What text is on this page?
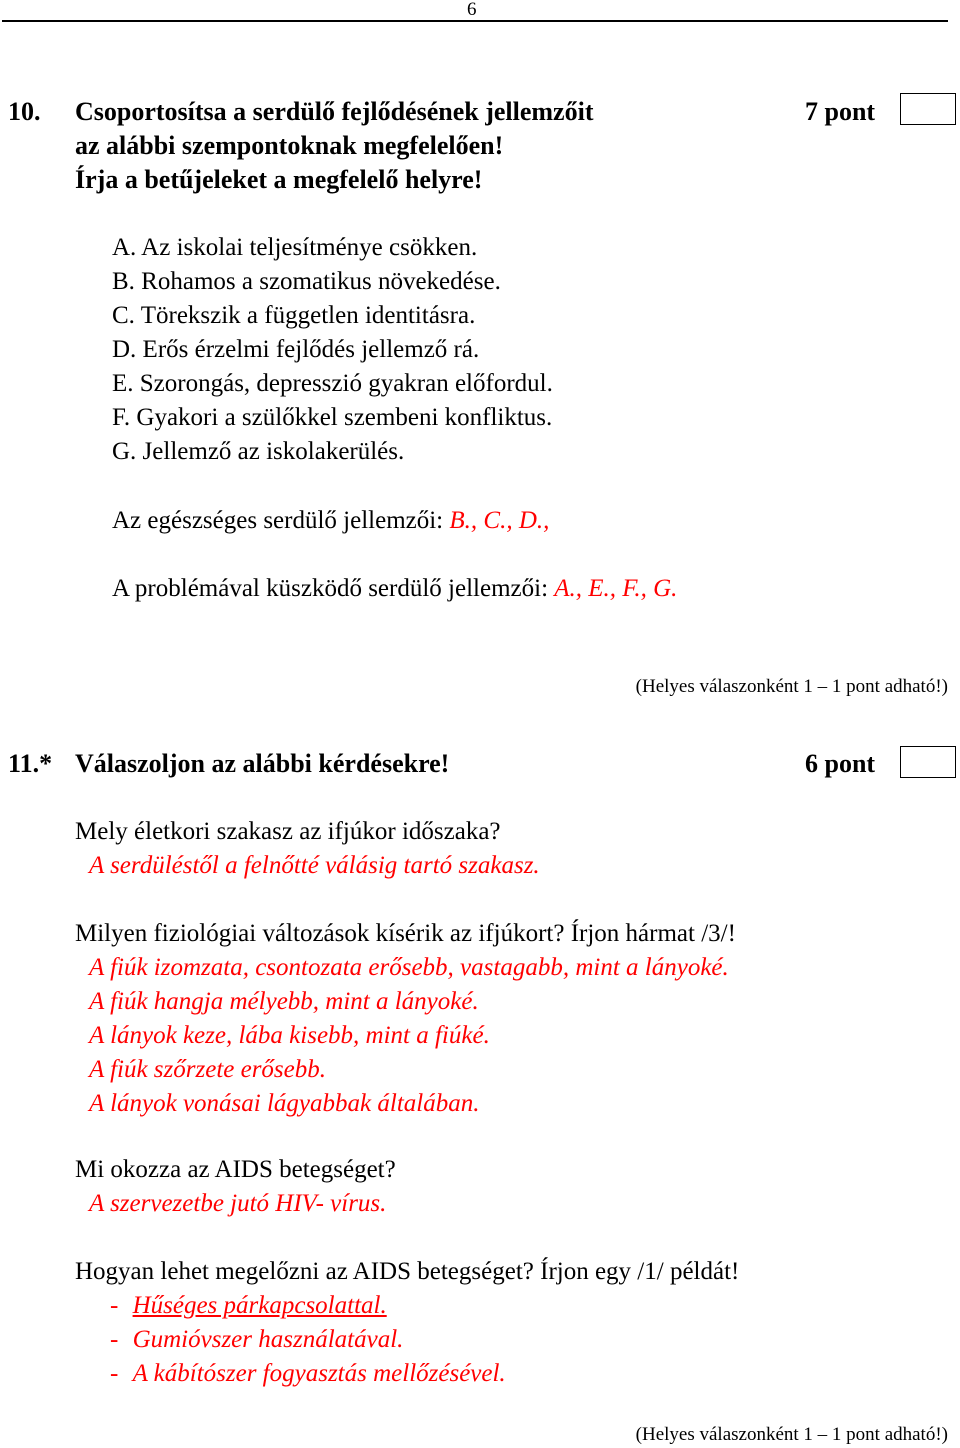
6
10. Csoportosítsa a serdülő fejlődésének jellemzőit
az alábbi szempontoknak megfelelően!
Írja a betűjeleket a megfelelő helyre!
7 pont
A. Az iskolai teljesítménye csökken.
B. Rohamos a szomatikus növekedése.
C. Törekszik a független identitásra.
D. Erős érzelmi fejlődés jellemző rá.
E. Szorongás, depresszió gyakran előfordul.
F. Gyakori a szülőkkel szembeni konfliktus.
G. Jellemző az iskolakerülés.
Az egészséges serdülő jellemzői: B., C., D.,
A problémával küszködő serdülő jellemzői: A., E., F., G.
(Helyes válaszonként 1 – 1 pont adható!)
11.* Válaszoljon az alábbi kérdésekre!	6 pont
Mely életkori szakasz az ifjúkor időszaka?
A serdüléstől a felnőtté válásig tartó szakasz.
Milyen fiziológiai változások kísérik az ifjúkort? Írjon hármat /3/!
A fiúk izomzata, csontozata erősebb, vastagabb, mint a lányoké.
A fiúk hangja mélyebb, mint a lányoké.
A lányok keze, lába kisebb, mint a fiúké.
A fiúk szőrzete erősebb.
A lányok vonásai lágyabbak általában.
Mi okozza az AIDS betegséget?
A szervezetbe jutó HIV- vírus.
Hogyan lehet megelőzni az AIDS betegséget? Írjon egy /1/ példát!
- Hűséges párkapcsolattal.
- Gumióvszer használatával.
- A kábítószer fogyasztás mellőzésével.
(Helyes válaszonként 1 – 1 pont adható!)
